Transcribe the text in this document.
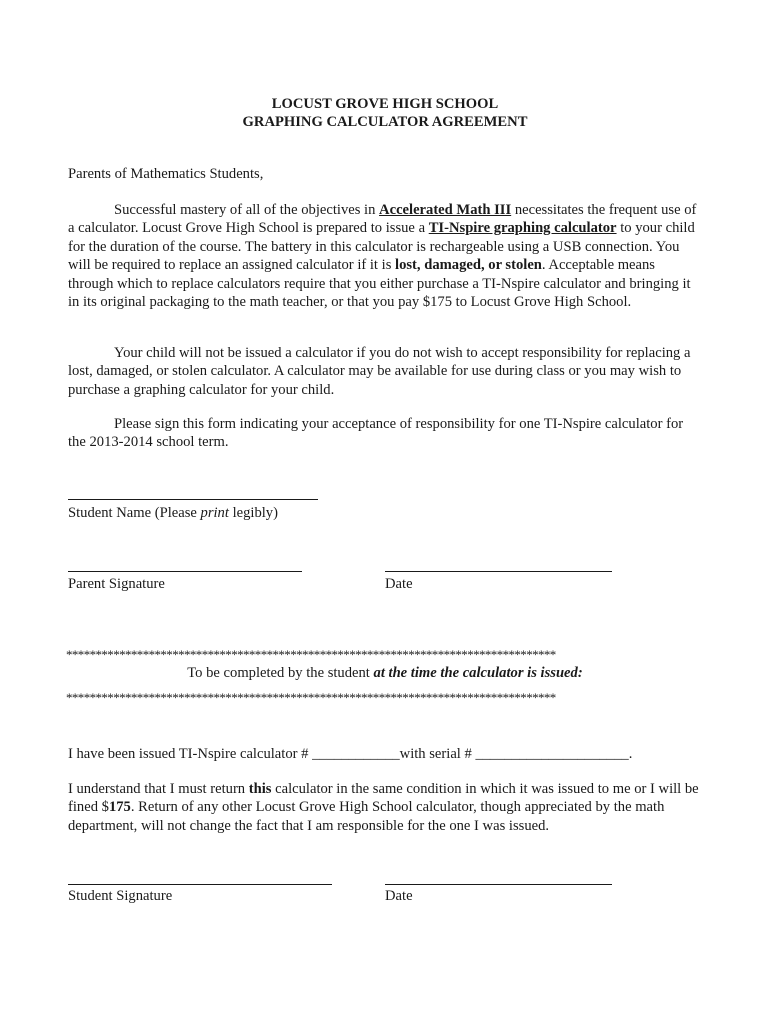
LOCUST GROVE HIGH SCHOOL
GRAPHING CALCULATOR AGREEMENT
Parents of Mathematics Students,

Successful mastery of all of the objectives in Accelerated Math III necessitates the frequent use of a calculator. Locust Grove High School is prepared to issue a TI-Nspire graphing calculator to your child for the duration of the course. The battery in this calculator is rechargeable using a USB connection. You will be required to replace an assigned calculator if it is lost, damaged, or stolen. Acceptable means through which to replace calculators require that you either purchase a TI-Nspire calculator and bringing it in its original packaging to the math teacher, or that you pay $175 to Locust Grove High School.

Your child will not be issued a calculator if you do not wish to accept responsibility for replacing a lost, damaged, or stolen calculator. A calculator may be available for use during class or you may wish to purchase a graphing calculator for your child.

Please sign this form indicating your acceptance of responsibility for one TI-Nspire calculator for the 2013-2014 school term.

Student Name (Please print legibly)
Parent Signature	Date
***********************************************************************************
To be completed by the student at the time the calculator is issued:
***********************************************************************************
I have been issued TI-Nspire calculator # ____________with serial # _____________________.
I understand that I must return this calculator in the same condition in which it was issued to me or I will be fined $175. Return of any other Locust Grove High School calculator, though appreciated by the math department, will not change the fact that I am responsible for the one I was issued.
Student Signature	Date
